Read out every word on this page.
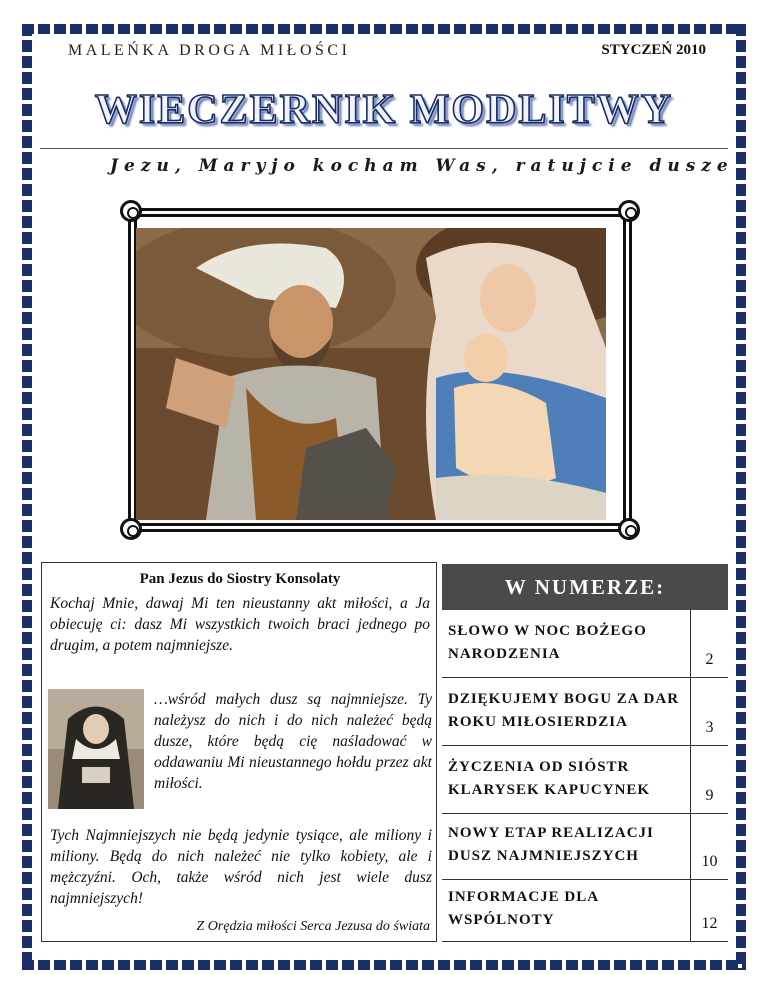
MALEŃKA DROGA MIŁOŚCI	STYCZEŃ 2010
WIECZERNIK MODLITWY
Jezu, Maryjo kocham Was, ratujcie dusze
Pan Jezus do Siostry Konsolaty
Kochaj Mnie, dawaj Mi ten nieustanny akt miłości, a Ja obiecuję ci: dasz Mi wszystkich twoich braci jednego po drugim, a potem najmniejsze.
…wśród małych dusz są najmniejsze. Ty należysz do nich i do nich należeć będą dusze, które będą cię naśladować w oddawaniu Mi nieustannego hołdu przez akt miłości.
Tych Najmniejszych nie będą jedynie tysiące, ale miliony i miliony. Będą do nich należeć nie tylko kobiety, ale i mężczyźni. Och, także wśród nich jest wiele dusz najmniejszych!
Z Orędzia miłości Serca Jezusa do świata
W NUMERZE:
SŁOWO W NOC BOŻEGO NARODZENIA	2
DZIĘKUJEMY BOGU ZA DAR ROKU MIŁOSIERDZIA	3
ŻYCZENIA OD SIÓSTR KLARYSEK KAPUCYNEK	9
NOWY ETAP REALIZACJI DUSZ NAJMNIEJSZYCH	10
INFORMACJE DLA WSPÓLNOTY	12
